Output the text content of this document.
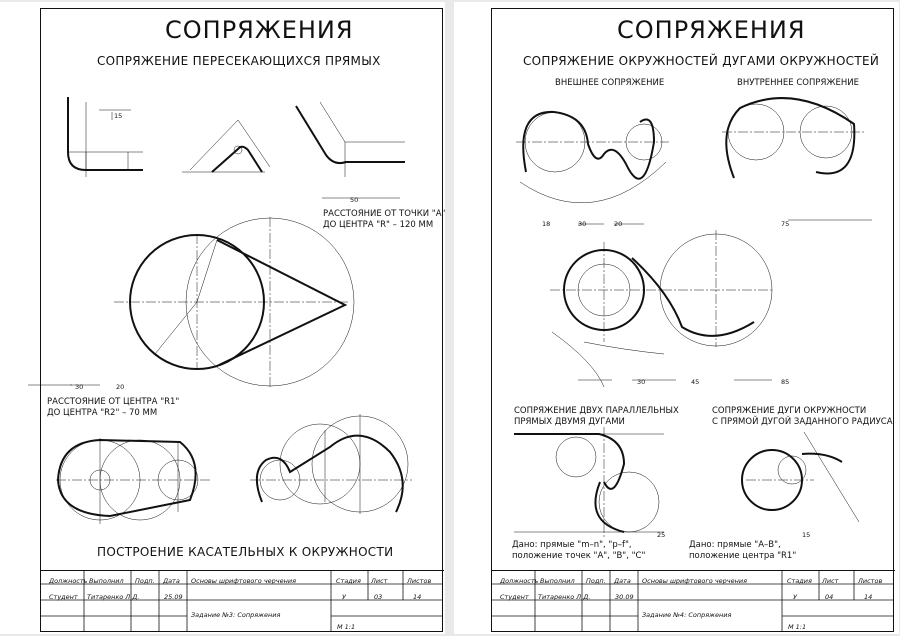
СОПРЯЖЕНИЯ
СОПРЯЖЕНИЕ ПЕРЕСЕКАЮЩИХСЯ ПРЯМЫХ
РАССТОЯНИЕ ОТ ТОЧКИ "A"
ДО ЦЕНТРА "R" – 120 ММ
РАССТОЯНИЕ ОТ ЦЕНТРА "R1"
ДО ЦЕНТРА "R2" – 70 ММ
ПОСТРОЕНИЕ КАСАТЕЛЬНЫХ К ОКРУЖНОСТИ
15
50
30	20
Должность Выполнил Подп. Дата
Студент Титаренко Л.Д.	25.09
Основы шрифтового черчения	Стадия Лист	Листов
У	03	14
Задание №3: Сопряжения
М 1:1
СОПРЯЖЕНИЯ
СОПРЯЖЕНИЕ ОКРУЖНОСТЕЙ ДУГАМИ ОКРУЖНОСТЕЙ
ВНЕШНЕЕ СОПРЯЖЕНИЕ	ВНУТРЕННЕЕ СОПРЯЖЕНИЕ
СОПРЯЖЕНИЕ ДВУХ ПАРАЛЛЕЛЬНЫХ
ПРЯМЫХ ДВУМЯ ДУГАМИ
СОПРЯЖЕНИЕ ДУГИ ОКРУЖНОСТИ
С ПРЯМОЙ ДУГОЙ ЗАДАННОГО РАДИУСА
Дано: прямые "m–n", "p–f",
положение точек "A", "B", "C"
Дано: прямые "A–B",
положение центра "R1"
18	30	20	75
30	45	85
25	15
Должность Выполнил Подп. Дата
Студент Титаренко Л.Д.	30.09
Основы шрифтового черчения	Стадия Лист	Листов
У	04	14
Задание №4: Сопряжения
М 1:1
